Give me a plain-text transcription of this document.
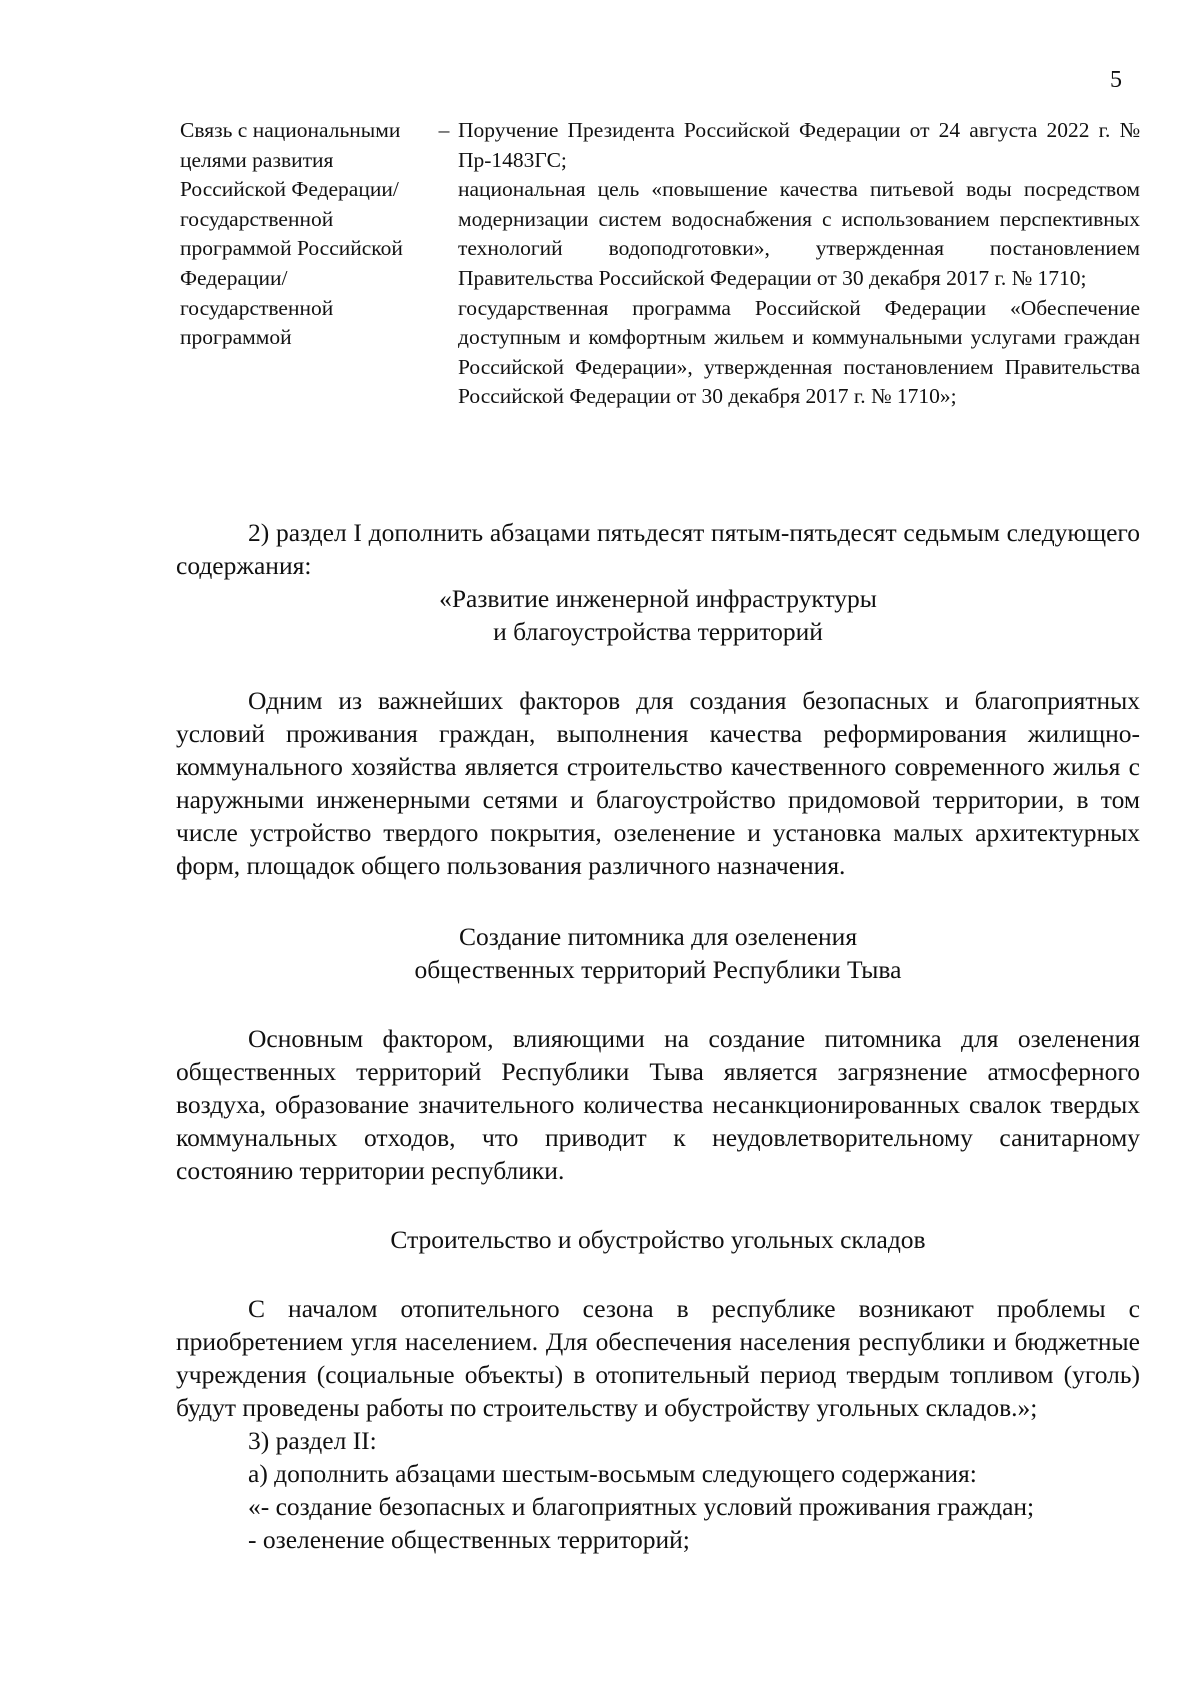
5
Связь с национальными целями развития Российской Федерации/ государственной программой Российской Федерации/ государственной программой
– Поручение Президента Российской Федерации от 24 августа 2022 г. № Пр-1483ГС;

национальная цель «повышение качества питьевой воды посредством модернизации систем водоснабжения с использованием перспективных технологий водоподготовки», утвержденная постановлением Правительства Российской Федерации от 30 декабря 2017 г. № 1710;

государственная программа Российской Федерации «Обеспечение доступным и комфортным жильем и коммунальными услугами граждан Российской Федерации», утвержденная постановлением Правительства Российской Федерации от 30 декабря 2017 г. № 1710»;

2) раздел I дополнить абзацами пятьдесят пятым-пятьдесят седьмым следующего содержания:

«Развитие инженерной инфраструктуры

и благоустройства территорий

Одним из важнейших факторов для создания безопасных и благоприятных условий проживания граждан, выполнения качества реформирования жилищно-коммунального хозяйства является строительство качественного современного жилья с наружными инженерными сетями и благоустройство придомовой территории, в том числе устройство твердого покрытия, озеленение и установка малых архитектурных форм, площадок общего пользования различного назначения.

Создание питомника для озеленения

общественных территорий Республики Тыва

Основным фактором, влияющими на создание питомника для озеленения общественных территорий Республики Тыва является загрязнение атмосферного воздуха, образование значительного количества несанкционированных свалок твердых коммунальных отходов, что приводит к неудовлетворительному санитарному состоянию территории республики.

Строительство и обустройство угольных складов

С началом отопительного сезона в республике возникают проблемы с приобретением угля населением. Для обеспечения населения республики и бюджетные учреждения (социальные объекты) в отопительный период твердым топливом (уголь) будут проведены работы по строительству и обустройству угольных складов.»;

3) раздел II:

а) дополнить абзацами шестым-восьмым следующего содержания:

«- создание безопасных и благоприятных условий проживания граждан;

- озеленение общественных территорий;
